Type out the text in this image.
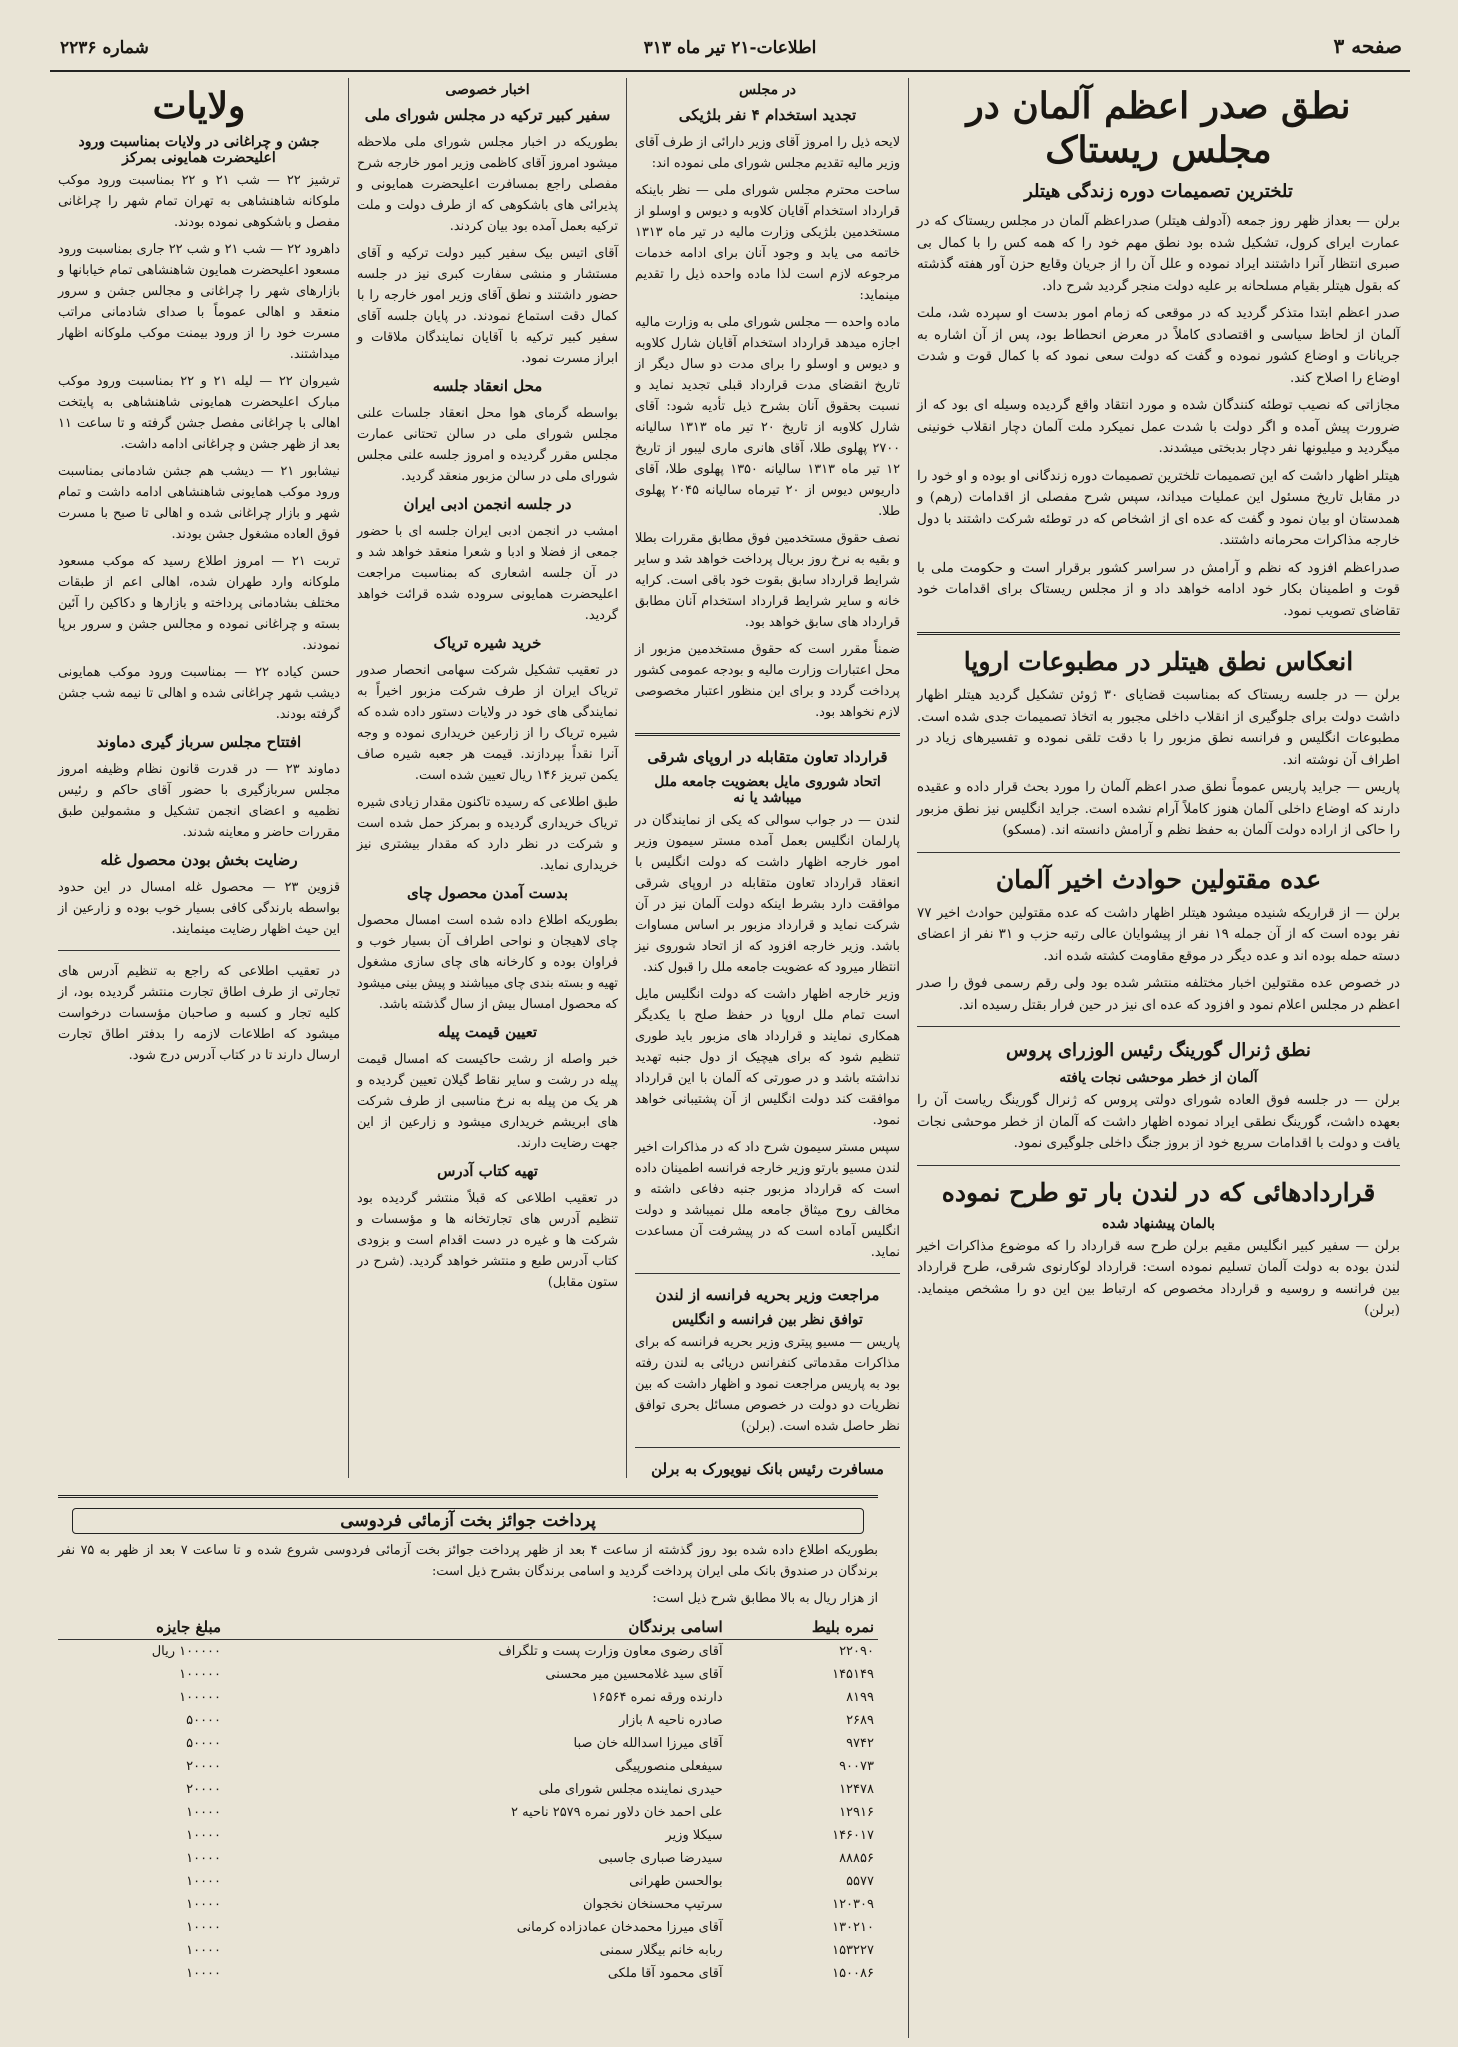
صفحه ۳
اطلاعات-۲۱ تیر ماه ۳۱۳
شماره ۲۲۳۶
نطق صدر اعظم آلمان در مجلس ریستاک
تلخترین تصمیمات دوره زندگی هیتلر

برلن — بعداز ظهر روز جمعه (آدولف هیتلر) صدراعظم آلمان در مجلس ریستاک که در عمارت ایرای کرول، تشکیل شده بود نطق مهم خود را که همه کس را با کمال بی صبری انتظار آنرا داشتند ایراد نموده و علل آن را از جریان وقایع حزن آور هفته گذشته که بقول هیتلر بقیام مسلحانه بر علیه دولت منجر گردید شرح داد.

صدر اعظم ابتدا متذکر گردید که در موقعی که زمام امور بدست او سپرده شد، ملت آلمان از لحاظ سیاسی و اقتصادی کاملاً در معرض انحطاط بود، پس از آن اشاره به جریانات و اوضاع کشور نموده و گفت که دولت سعی نمود که با کمال قوت و شدت اوضاع را اصلاح کند.

مجازاتی که نصیب توطئه کنندگان شده و مورد انتقاد واقع گردیده وسیله ای بود که از ضرورت پیش آمده و اگر دولت با شدت عمل نمیکرد ملت آلمان دچار انقلاب خونینی میگردید و میلیونها نفر دچار بدبختی میشدند.

هیتلر اظهار داشت که این تصمیمات تلخترین تصمیمات دوره زندگانی او بوده و او خود را در مقابل تاریخ مسئول این عملیات میداند، سپس شرح مفصلی از اقدامات (رهم) و همدستان او بیان نمود و گفت که عده ای از اشخاص که در توطئه شرکت داشتند با دول خارجه مذاکرات محرمانه داشتند.

صدراعظم افزود که نظم و آرامش در سراسر کشور برقرار است و حکومت ملی با قوت و اطمینان بکار خود ادامه خواهد داد و از مجلس ریستاک برای اقدامات خود تقاضای تصویب نمود.

انعکاس نطق هیتلر در مطبوعات اروپا

برلن — در جلسه ریستاک که بمناسبت قضایای ۳۰ ژوئن تشکیل گردید هیتلر اظهار داشت دولت برای جلوگیری از انقلاب داخلی مجبور به اتخاذ تصمیمات جدی شده است. مطبوعات انگلیس و فرانسه نطق مزبور را با دقت تلقی نموده و تفسیرهای زیاد در اطراف آن نوشته اند.

پاریس — جراید پاریس عموماً نطق صدر اعظم آلمان را مورد بحث قرار داده و عقیده دارند که اوضاع داخلی آلمان هنوز کاملاً آرام نشده است. جراید انگلیس نیز نطق مزبور را حاکی از اراده دولت آلمان به حفظ نظم و آرامش دانسته اند. (مسکو)

عده مقتولین حوادث اخیر آلمان

برلن — از قراریکه شنیده میشود هیتلر اظهار داشت که عده مقتولین حوادث اخیر ۷۷ نفر بوده است که از آن جمله ۱۹ نفر از پیشوایان عالی رتبه حزب و ۳۱ نفر از اعضای دسته حمله بوده اند و عده دیگر در موقع مقاومت کشته شده اند.

در خصوص عده مقتولین اخبار مختلفه منتشر شده بود ولی رقم رسمی فوق را صدر اعظم در مجلس اعلام نمود و افزود که عده ای نیز در حین فرار بقتل رسیده اند.

نطق ژنرال گورینگ رئیس الوزرای پروس
آلمان از خطر موحشی نجات یافته

برلن — در جلسه فوق العاده شورای دولتی پروس که ژنرال گورینگ ریاست آن را بعهده داشت، گورینگ نطقی ایراد نموده اظهار داشت که آلمان از خطر موحشی نجات یافت و دولت با اقدامات سریع خود از بروز جنگ داخلی جلوگیری نمود.

قراردادهائی که در لندن بار تو طرح نموده
بالمان پیشنهاد شده

برلن — سفیر کبیر انگلیس مقیم برلن طرح سه قرارداد را که موضوع مذاکرات اخیر لندن بوده به دولت آلمان تسلیم نموده است: قرارداد لوکارنوی شرقی، طرح قرارداد بین فرانسه و روسیه و قرارداد مخصوص که ارتباط بین این دو را مشخص مینماید. (برلن)

در مجلس
تجدید استخدام ۴ نفر بلژیکی

لایحه ذیل را امروز آقای وزیر دارائی از طرف آقای وزیر مالیه تقدیم مجلس شورای ملی نموده اند:

ساحت محترم مجلس شورای ملی — نظر باینکه قرارداد استخدام آقایان کلاوبه و دیوس و اوسلو از مستخدمین بلژیکی وزارت مالیه در تیر ماه ۱۳۱۳ خاتمه می یابد و وجود آنان برای ادامه خدمات مرجوعه لازم است لذا ماده واحده ذیل را تقدیم مینماید:

ماده واحده — مجلس شورای ملی به وزارت مالیه اجازه میدهد قرارداد استخدام آقایان شارل کلاوبه و دیوس و اوسلو را برای مدت دو سال دیگر از تاریخ انقضای مدت قرارداد قبلی تجدید نماید و نسبت بحقوق آنان بشرح ذیل تأدیه شود: آقای شارل کلاوبه از تاریخ ۲۰ تیر ماه ۱۳۱۳ سالیانه ۲۷۰۰ پهلوی طلا، آقای هانری ماری لیبور از تاریخ ۱۲ تیر ماه ۱۳۱۳ سالیانه ۱۳۵۰ پهلوی طلا، آقای داریوس دیوس از ۲۰ تیرماه سالیانه ۲۰۴۵ پهلوی طلا.

نصف حقوق مستخدمین فوق مطابق مقررات بطلا و بقیه به نرخ روز بریال پرداخت خواهد شد و سایر شرایط قرارداد سابق بقوت خود باقی است. کرایه خانه و سایر شرایط قرارداد استخدام آنان مطابق قرارداد های سابق خواهد بود.

ضمناً مقرر است که حقوق مستخدمین مزبور از محل اعتبارات وزارت مالیه و بودجه عمومی کشور پرداخت گردد و برای این منظور اعتبار مخصوصی لازم نخواهد بود.

قرارداد تعاون متقابله در اروپای شرقی
اتحاد شوروی مایل بعضویت جامعه ملل میباشد یا نه

لندن — در جواب سوالی که یکی از نمایندگان در پارلمان انگلیس بعمل آمده مستر سیمون وزیر امور خارجه اظهار داشت که دولت انگلیس با انعقاد قرارداد تعاون متقابله در اروپای شرقی موافقت دارد بشرط اینکه دولت آلمان نیز در آن شرکت نماید و قرارداد مزبور بر اساس مساوات باشد. وزیر خارجه افزود که از اتحاد شوروی نیز انتظار میرود که عضویت جامعه ملل را قبول کند.

وزیر خارجه اظهار داشت که دولت انگلیس مایل است تمام ملل اروپا در حفظ صلح با یکدیگر همکاری نمایند و قرارداد های مزبور باید طوری تنظیم شود که برای هیچیک از دول جنبه تهدید نداشته باشد و در صورتی که آلمان با این قرارداد موافقت کند دولت انگلیس از آن پشتیبانی خواهد نمود.

سپس مستر سیمون شرح داد که در مذاکرات اخیر لندن مسیو بارتو وزیر خارجه فرانسه اطمینان داده است که قرارداد مزبور جنبه دفاعی داشته و مخالف روح میثاق جامعه ملل نمیباشد و دولت انگلیس آماده است که در پیشرفت آن مساعدت نماید.

مراجعت وزیر بحریه فرانسه از لندن
توافق نظر بین فرانسه و انگلیس

پاریس — مسیو پیتری وزیر بحریه فرانسه که برای مذاکرات مقدماتی کنفرانس دریائی به لندن رفته بود به پاریس مراجعت نمود و اظهار داشت که بین نظریات دو دولت در خصوص مسائل بحری توافق نظر حاصل شده است. (برلن)

مسافرت رئیس بانک نیویورک به برلن

اخبار خصوصی
سفیر کبیر ترکیه در مجلس شورای ملی

بطوریکه در اخبار مجلس شورای ملی ملاحظه میشود امروز آقای کاظمی وزیر امور خارجه شرح مفصلی راجع بمسافرت اعلیحضرت همایونی و پذیرائی های باشکوهی که از طرف دولت و ملت ترکیه بعمل آمده بود بیان کردند.

آقای اتیس بیک سفیر کبیر دولت ترکیه و آقای مستشار و منشی سفارت کبری نیز در جلسه حضور داشتند و نطق آقای وزیر امور خارجه را با کمال دقت استماع نمودند. در پایان جلسه آقای سفیر کبیر ترکیه با آقایان نمایندگان ملاقات و ابراز مسرت نمود.

محل انعقاد جلسه

بواسطه گرمای هوا محل انعقاد جلسات علنی مجلس شورای ملی در سالن تحتانی عمارت مجلس مقرر گردیده و امروز جلسه علنی مجلس شورای ملی در سالن مزبور منعقد گردید.

در جلسه انجمن ادبی ایران

امشب در انجمن ادبی ایران جلسه ای با حضور جمعی از فضلا و ادبا و شعرا منعقد خواهد شد و در آن جلسه اشعاری که بمناسبت مراجعت اعلیحضرت همایونی سروده شده قرائت خواهد گردید.

خرید شیره تریاک

در تعقیب تشکیل شرکت سهامی انحصار صدور تریاک ایران از طرف شرکت مزبور اخیراً به نمایندگی های خود در ولایات دستور داده شده که شیره تریاک را از زارعین خریداری نموده و وجه آنرا نقداً بپردازند. قیمت هر جعبه شیره صاف یکمن تبریز ۱۴۶ ریال تعیین شده است.

طبق اطلاعی که رسیده تاکنون مقدار زیادی شیره تریاک خریداری گردیده و بمرکز حمل شده است و شرکت در نظر دارد که مقدار بیشتری نیز خریداری نماید.

بدست آمدن محصول چای

بطوریکه اطلاع داده شده است امسال محصول چای لاهیجان و نواحی اطراف آن بسیار خوب و فراوان بوده و کارخانه های چای سازی مشغول تهیه و بسته بندی چای میباشند و پیش بینی میشود که محصول امسال بیش از سال گذشته باشد.

تعیین قیمت پیله

خبر واصله از رشت حاکیست که امسال قیمت پیله در رشت و سایر نقاط گیلان تعیین گردیده و هر یک من پیله به نرخ مناسبی از طرف شرکت های ابریشم خریداری میشود و زارعین از این جهت رضایت دارند.

تهیه کتاب آدرس

در تعقیب اطلاعی که قبلاً منتشر گردیده بود تنظیم آدرس های تجارتخانه ها و مؤسسات و شرکت ها و غیره در دست اقدام است و بزودی کتاب آدرس طبع و منتشر خواهد گردید. (شرح در ستون مقابل)

ولایات
جشن و چراغانی در ولایات بمناسبت ورود اعلیحضرت همایونی بمرکز

ترشیز ۲۲ — شب ۲۱ و ۲۲ بمناسبت ورود موکب ملوکانه شاهنشاهی به تهران تمام شهر را چراغانی مفصل و باشکوهی نموده بودند.

داهرود ۲۲ — شب ۲۱ و شب ۲۲ جاری بمناسبت ورود مسعود اعلیحضرت همایون شاهنشاهی تمام خیابانها و بازارهای شهر را چراغانی و مجالس جشن و سرور منعقد و اهالی عموماً با صدای شادمانی مراتب مسرت خود را از ورود بیمنت موکب ملوکانه اظهار میداشتند.

شیروان ۲۲ — لیله ۲۱ و ۲۲ بمناسبت ورود موکب مبارک اعلیحضرت همایونی شاهنشاهی به پایتخت اهالی با چراغانی مفصل جشن گرفته و تا ساعت ۱۱ بعد از ظهر جشن و چراغانی ادامه داشت.

نیشابور ۲۱ — دیشب هم جشن شادمانی بمناسبت ورود موکب همایونی شاهنشاهی ادامه داشت و تمام شهر و بازار چراغانی شده و اهالی تا صبح با مسرت فوق العاده مشغول جشن بودند.

تربت ۲۱ — امروز اطلاع رسید که موکب مسعود ملوکانه وارد طهران شده، اهالی اعم از طبقات مختلف بشادمانی پرداخته و بازارها و دکاکین را آئین بسته و چراغانی نموده و مجالس جشن و سرور برپا نمودند.

حسن کیاده ۲۲ — بمناسبت ورود موکب همایونی دیشب شهر چراغانی شده و اهالی تا نیمه شب جشن گرفته بودند.

افتتاح مجلس سرباز گیری دماوند

دماوند ۲۳ — در قدرت قانون نظام وظیفه امروز مجلس سربازگیری با حضور آقای حاکم و رئیس نظمیه و اعضای انجمن تشکیل و مشمولین طبق مقررات حاضر و معاینه شدند.

رضایت بخش بودن محصول غله

قزوین ۲۳ — محصول غله امسال در این حدود بواسطه بارندگی کافی بسیار خوب بوده و زارعین از این حیث اظهار رضایت مینمایند.

در تعقیب اطلاعی که راجع به تنظیم آدرس های تجارتی از طرف اطاق تجارت منتشر گردیده بود، از کلیه تجار و کسبه و صاحبان مؤسسات درخواست میشود که اطلاعات لازمه را بدفتر اطاق تجارت ارسال دارند تا در کتاب آدرس درج شود.

پرداخت جوائز بخت آزمائی فردوسی

بطوریکه اطلاع داده شده بود روز گذشته از ساعت ۴ بعد از ظهر پرداخت جوائز بخت آزمائی فردوسی شروع شده و تا ساعت ۷ بعد از ظهر به ۷۵ نفر برندگان در صندوق بانک ملی ایران پرداخت گردید و اسامی برندگان بشرح ذیل است:

از هزار ریال به بالا مطابق شرح ذیل است:

نمره بلیط	اسامی برندگان	مبلغ جایزه
۲۲۰۹۰	آقای رضوی معاون وزارت پست و تلگراف	۱۰۰۰۰۰ ریال
۱۴۵۱۴۹	آقای سید غلامحسین میر محسنی	۱۰۰۰۰۰
۸۱۹۹	دارنده ورقه نمره ۱۶۵۶۴	۱۰۰۰۰۰
۲۶۸۹	صادره ناحیه ۸ بازار	۵۰۰۰۰
۹۷۴۲	آقای میرزا اسدالله خان صبا	۵۰۰۰۰
۹۰۰۷۳	سیفعلی منصورپیگی	۲۰۰۰۰
۱۲۴۷۸	حیدری نماینده مجلس شورای ملی	۲۰۰۰۰
۱۲۹۱۶	علی احمد خان دلاور نمره ۲۵۷۹ ناحیه ۲	۱۰۰۰۰
۱۴۶۰۱۷	سیکلا وزیر	۱۰۰۰۰
۸۸۸۵۶	سیدرضا صباری جاسبی	۱۰۰۰۰
۵۵۷۷	بوالحسن طهرانی	۱۰۰۰۰
۱۲۰۳۰۹	سرتیپ محسنخان نخجوان	۱۰۰۰۰
۱۳۰۲۱۰	آقای میرزا محمدخان عمادزاده کرمانی	۱۰۰۰۰
۱۵۳۲۲۷	ربابه خانم بیگلار سمنی	۱۰۰۰۰
۱۵۰۰۸۶	آقای محمود آقا ملکی	۱۰۰۰۰
